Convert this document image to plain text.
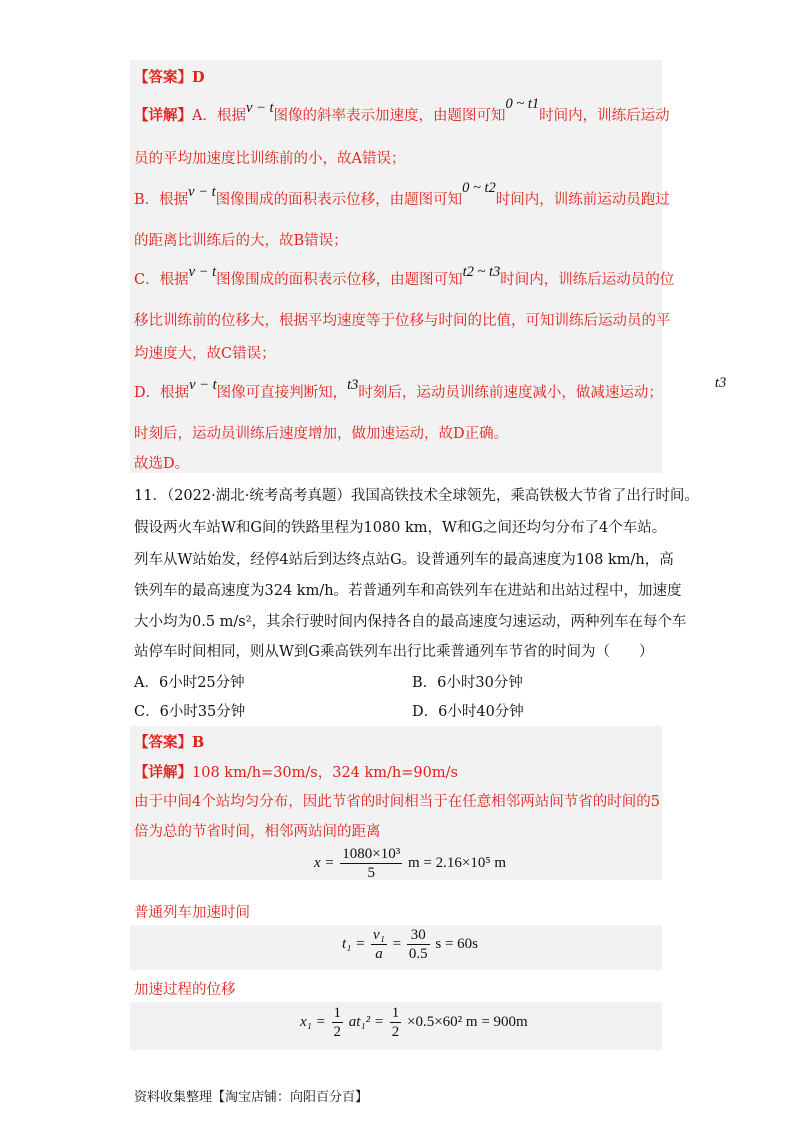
【答案】D
【详解】A．根据v − t图像的斜率表示加速度，由题图可知0 ~ t1时间内，训练后运动
员的平均加速度比训练前的小，故A错误；
B．根据v − t图像围成的面积表示位移，由题图可知0 ~ t2时间内，训练前运动员跑过
的距离比训练后的大，故B错误；
C．根据v − t图像围成的面积表示位移，由题图可知t2 ~ t3时间内，训练后运动员的位
移比训练前的位移大，根据平均速度等于位移与时间的比值，可知训练后运动员的平
均速度大，故C错误；
D．根据v − t图像可直接判断知，t3时刻后，运动员训练前速度减小，做减速运动；t3
时刻后，运动员训练后速度增加，做加速运动，故D正确。
故选D。
11．（2022·湖北·统考高考真题）我国高铁技术全球领先，乘高铁极大节省了出行时间。
假设两火车站W和G间的铁路里程为1080 km，W和G之间还均匀分布了4个车站。
列车从W站始发，经停4站后到达终点站G。设普通列车的最高速度为108 km/h，高
铁列车的最高速度为324 km/h。若普通列车和高铁列车在进站和出站过程中，加速度
大小均为0.5 m/s²，其余行驶时间内保持各自的最高速度匀速运动，两种列车在每个车
站停车时间相同，则从W到G乘高铁列车出行比乘普通列车节省的时间为（　　）
A．6小时25分钟	B．6小时30分钟
C．6小时35分钟	D．6小时40分钟
【答案】B
【详解】108 km/h=30m/s，324 km/h=90m/s
由于中间4个站均匀分布，因此节省的时间相当于在任意相邻两站间节省的时间的5
倍为总的节省时间，相邻两站间的距离
$x = \frac{\text{1080×10³}}{5}$ m = 2.16×10⁵ m
普通列车加速时间
$t_1 = \frac{\text{v₁}}{a} = \frac{30}{0.5}$ s = 60s
加速过程的位移
$x_1 = \frac{1}{2} at_1^2 = \frac{1}{2} \times 0.5\times 60^2$ m = 900m
资料收集整理【淘宝店铺：向阳百分百】
